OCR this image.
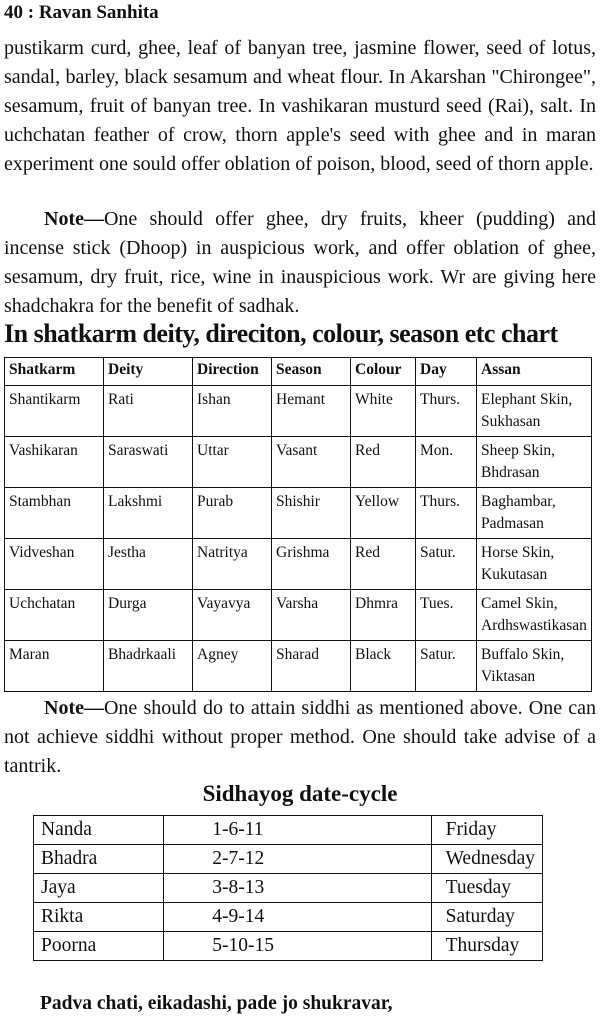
40 : Ravan Sanhita

pustikarm curd, ghee, leaf of banyan tree, jasmine flower, seed of lotus, sandal, barley, black sesamum and wheat flour. In Akarshan "Chirongee", sesamum, fruit of banyan tree. In vashikaran musturd seed (Rai), salt. In uchchatan feather of crow, thorn apple's seed with ghee and in maran experiment one sould offer oblation of poison, blood, seed of thorn apple.

Note—One should offer ghee, dry fruits, kheer (pudding) and incense stick (Dhoop) in auspicious work, and offer oblation of ghee, sesamum, dry fruit, rice, wine in inauspicious work. Wr are giving here shadchakra for the benefit of sadhak.

In shatkarm deity, direciton, colour, season etc chart
Shatkarm	Deity	Direction	Season	Colour	Day	Assan
Shantikarm	Rati	Ishan	Hemant	White	Thurs.	Elephant Skin,
Sukhasan
Vashikaran	Saraswati	Uttar	Vasant	Red	Mon.	Sheep Skin,
Bhdrasan
Stambhan	Lakshmi	Purab	Shishir	Yellow	Thurs.	Baghambar,
Padmasan
Vidveshan	Jestha	Natritya	Grishma	Red	Satur.	Horse Skin,
Kukutasan
Uchchatan	Durga	Vayavya	Varsha	Dhmra	Tues.	Camel Skin,
Ardhswastikasan
Maran	Bhadrkaali	Agney	Sharad	Black	Satur.	Buffalo Skin,
Viktasan

Note—One should do to attain siddhi as mentioned above. One can not achieve siddhi without proper method. One should take advise of a tantrik.

Sidhayog date-cycle
Nanda	1-6-11	Friday
Bhadra	2-7-12	Wednesday
Jaya	3-8-13	Tuesday
Rikta	4-9-14	Saturday
Poorna	5-10-15	Thursday
Padva chati, eikadashi, pade jo shukravar,
